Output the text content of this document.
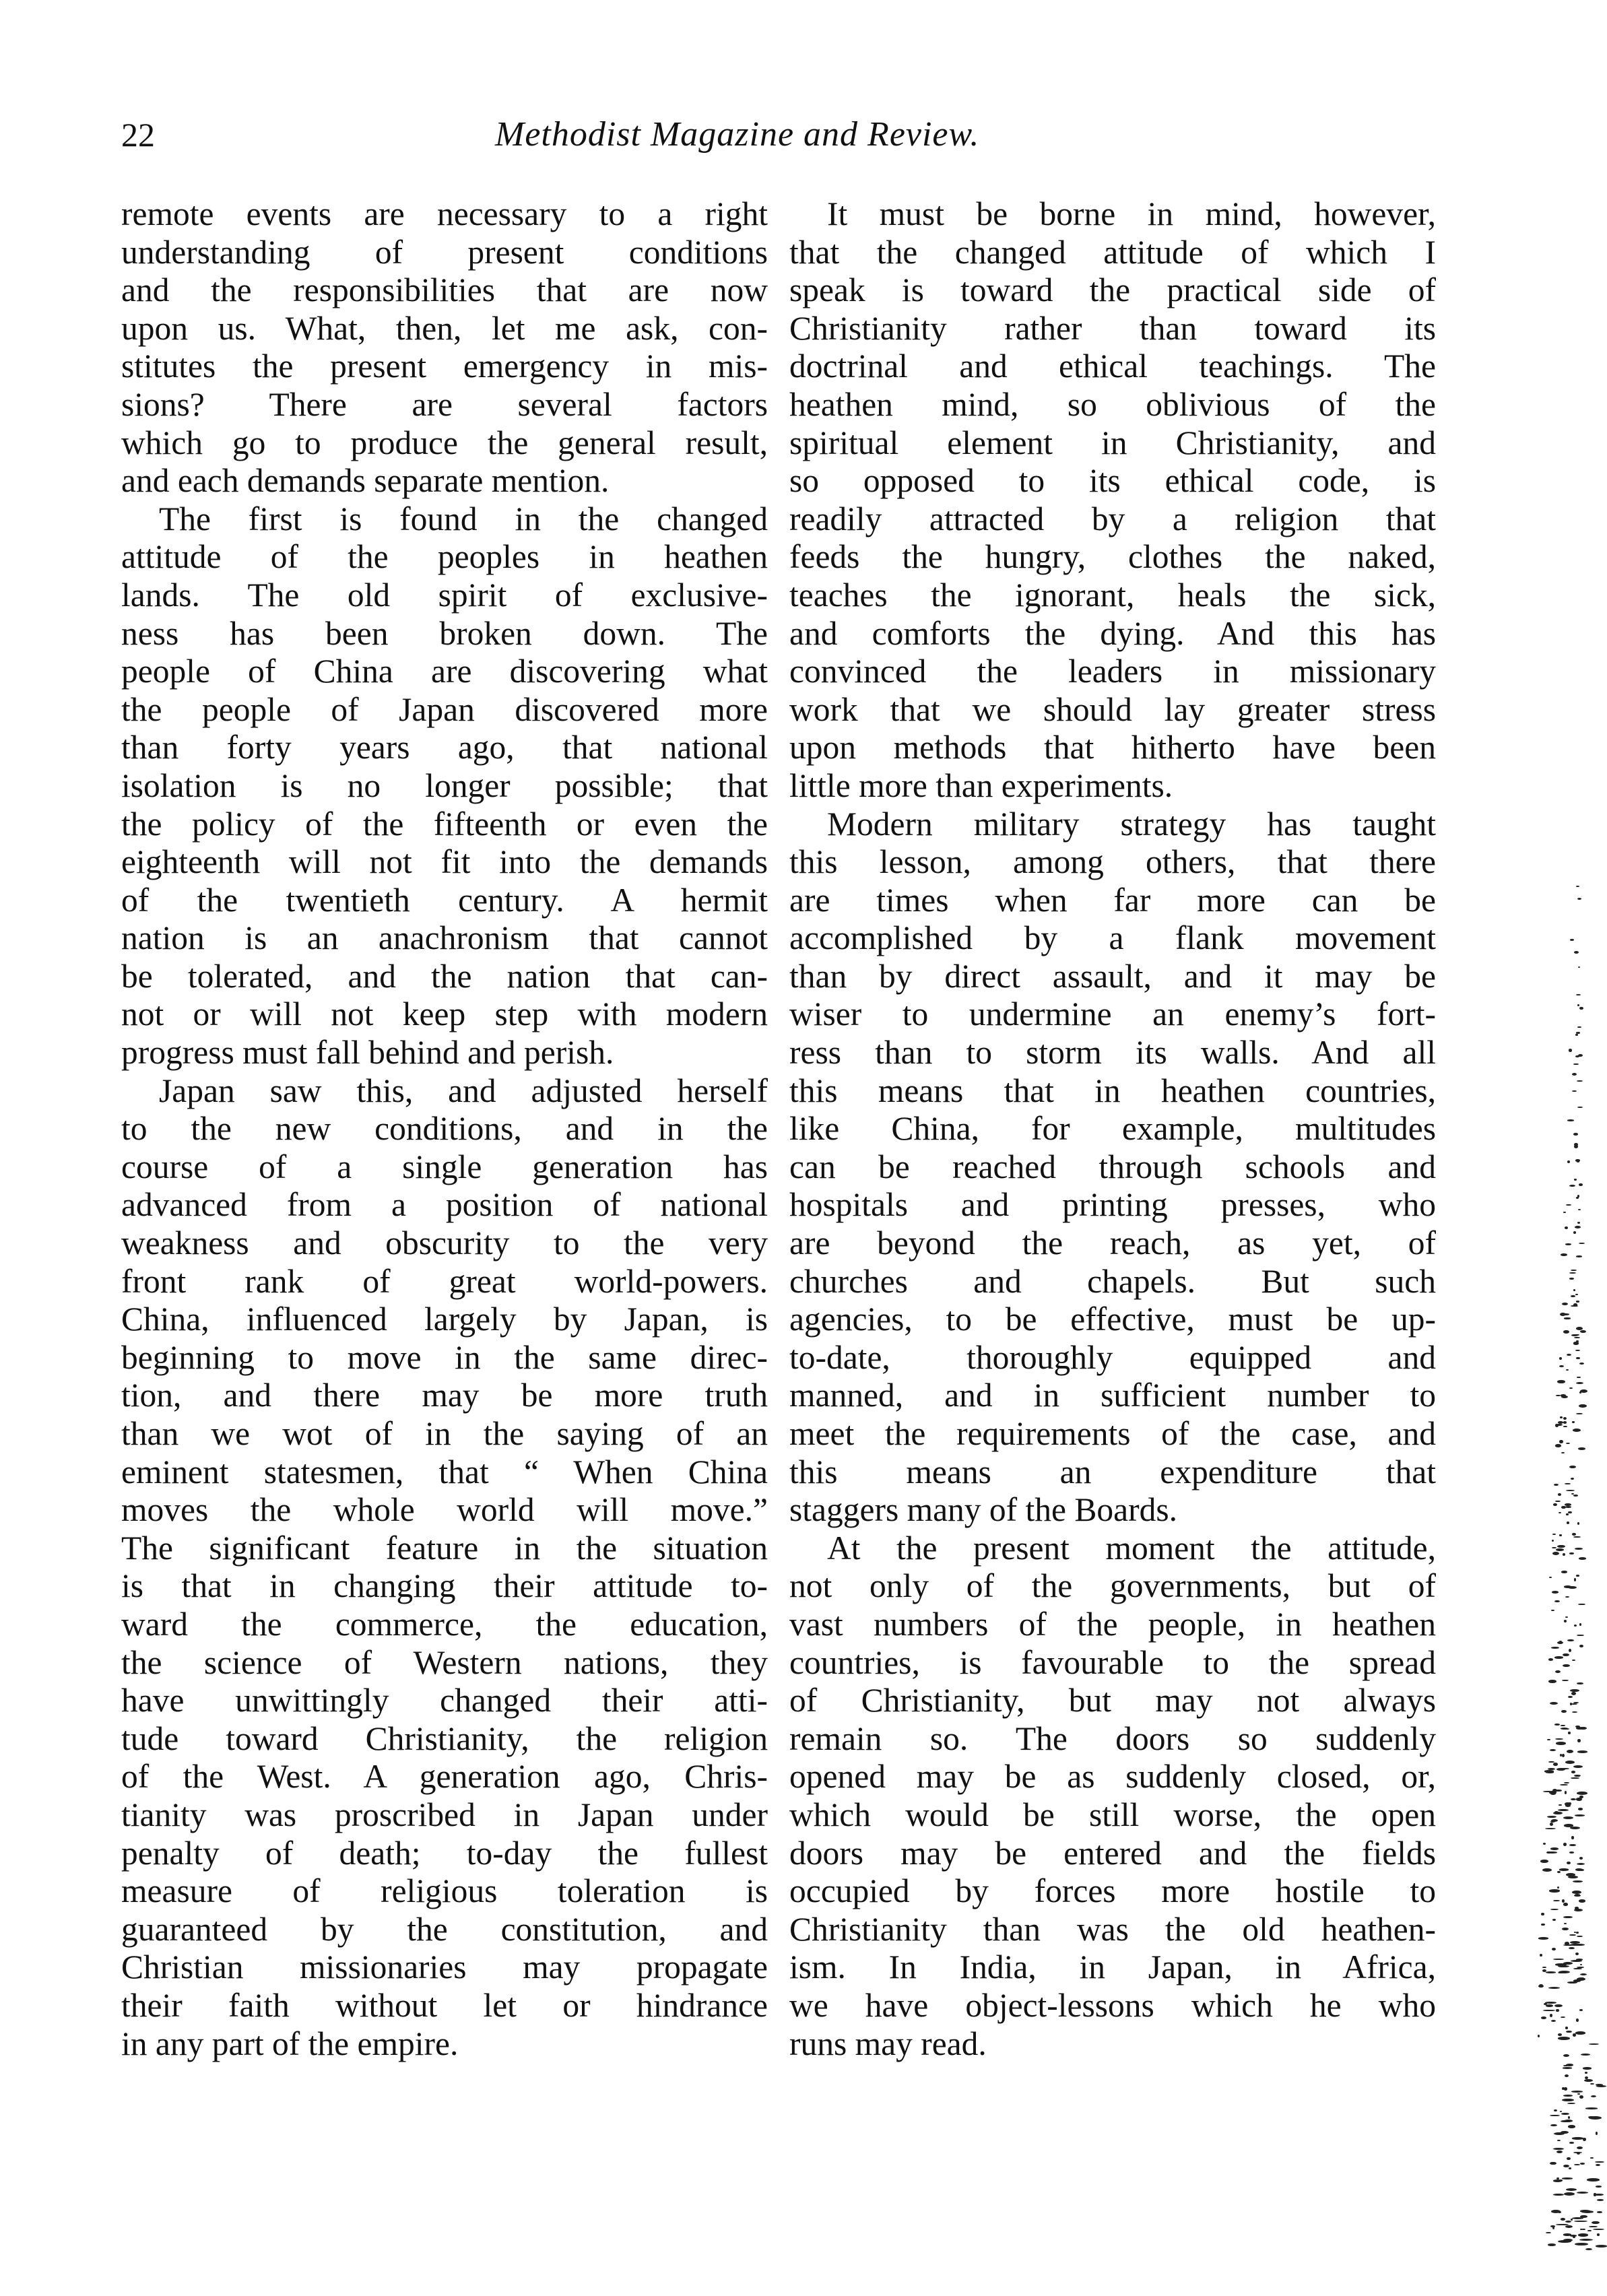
22	Methodist Magazine and Review.

remote events are necessary to a right
understanding of present conditions
and the responsibilities that are now
upon us. What, then, let me ask, con-
stitutes the present emergency in mis-
sions? There are several factors
which go to produce the general result,
and each demands separate mention.

The first is found in the changed
attitude of the peoples in heathen
lands. The old spirit of exclusive-
ness has been broken down. The
people of China are discovering what
the people of Japan discovered more
than forty years ago, that national
isolation is no longer possible; that
the policy of the fifteenth or even the
eighteenth will not fit into the demands
of the twentieth century. A hermit
nation is an anachronism that cannot
be tolerated, and the nation that can-
not or will not keep step with modern
progress must fall behind and perish.

Japan saw this, and adjusted herself
to the new conditions, and in the
course of a single generation has
advanced from a position of national
weakness and obscurity to the very
front rank of great world-powers.
China, influenced largely by Japan, is
beginning to move in the same direc-
tion, and there may be more truth
than we wot of in the saying of an
eminent statesmen, that “ When China
moves the whole world will move.”
The significant feature in the situation
is that in changing their attitude to-
ward the commerce, the education,
the science of Western nations, they
have unwittingly changed their atti-
tude toward Christianity, the religion
of the West. A generation ago, Chris-
tianity was proscribed in Japan under
penalty of death; to-day the fullest
measure of religious toleration is
guaranteed by the constitution, and
Christian missionaries may propagate
their faith without let or hindrance
in any part of the empire.

It must be borne in mind, however,
that the changed attitude of which I
speak is toward the practical side of
Christianity rather than toward its
doctrinal and ethical teachings. The
heathen mind, so oblivious of the
spiritual element in Christianity, and
so opposed to its ethical code, is
readily attracted by a religion that
feeds the hungry, clothes the naked,
teaches the ignorant, heals the sick,
and comforts the dying. And this has
convinced the leaders in missionary
work that we should lay greater stress
upon methods that hitherto have been
little more than experiments.

Modern military strategy has taught
this lesson, among others, that there
are times when far more can be
accomplished by a flank movement
than by direct assault, and it may be
wiser to undermine an enemy’s fort-
ress than to storm its walls. And all
this means that in heathen countries,
like China, for example, multitudes
can be reached through schools and
hospitals and printing presses, who
are beyond the reach, as yet, of
churches and chapels. But such
agencies, to be effective, must be up-
to-date, thoroughly equipped and
manned, and in sufficient number to
meet the requirements of the case, and
this means an expenditure that
staggers many of the Boards.

At the present moment the attitude,
not only of the governments, but of
vast numbers of the people, in heathen
countries, is favourable to the spread
of Christianity, but may not always
remain so. The doors so suddenly
opened may be as suddenly closed, or,
which would be still worse, the open
doors may be entered and the fields
occupied by forces more hostile to
Christianity than was the old heathen-
ism. In India, in Japan, in Africa,
we have object-lessons which he who
runs may read.
